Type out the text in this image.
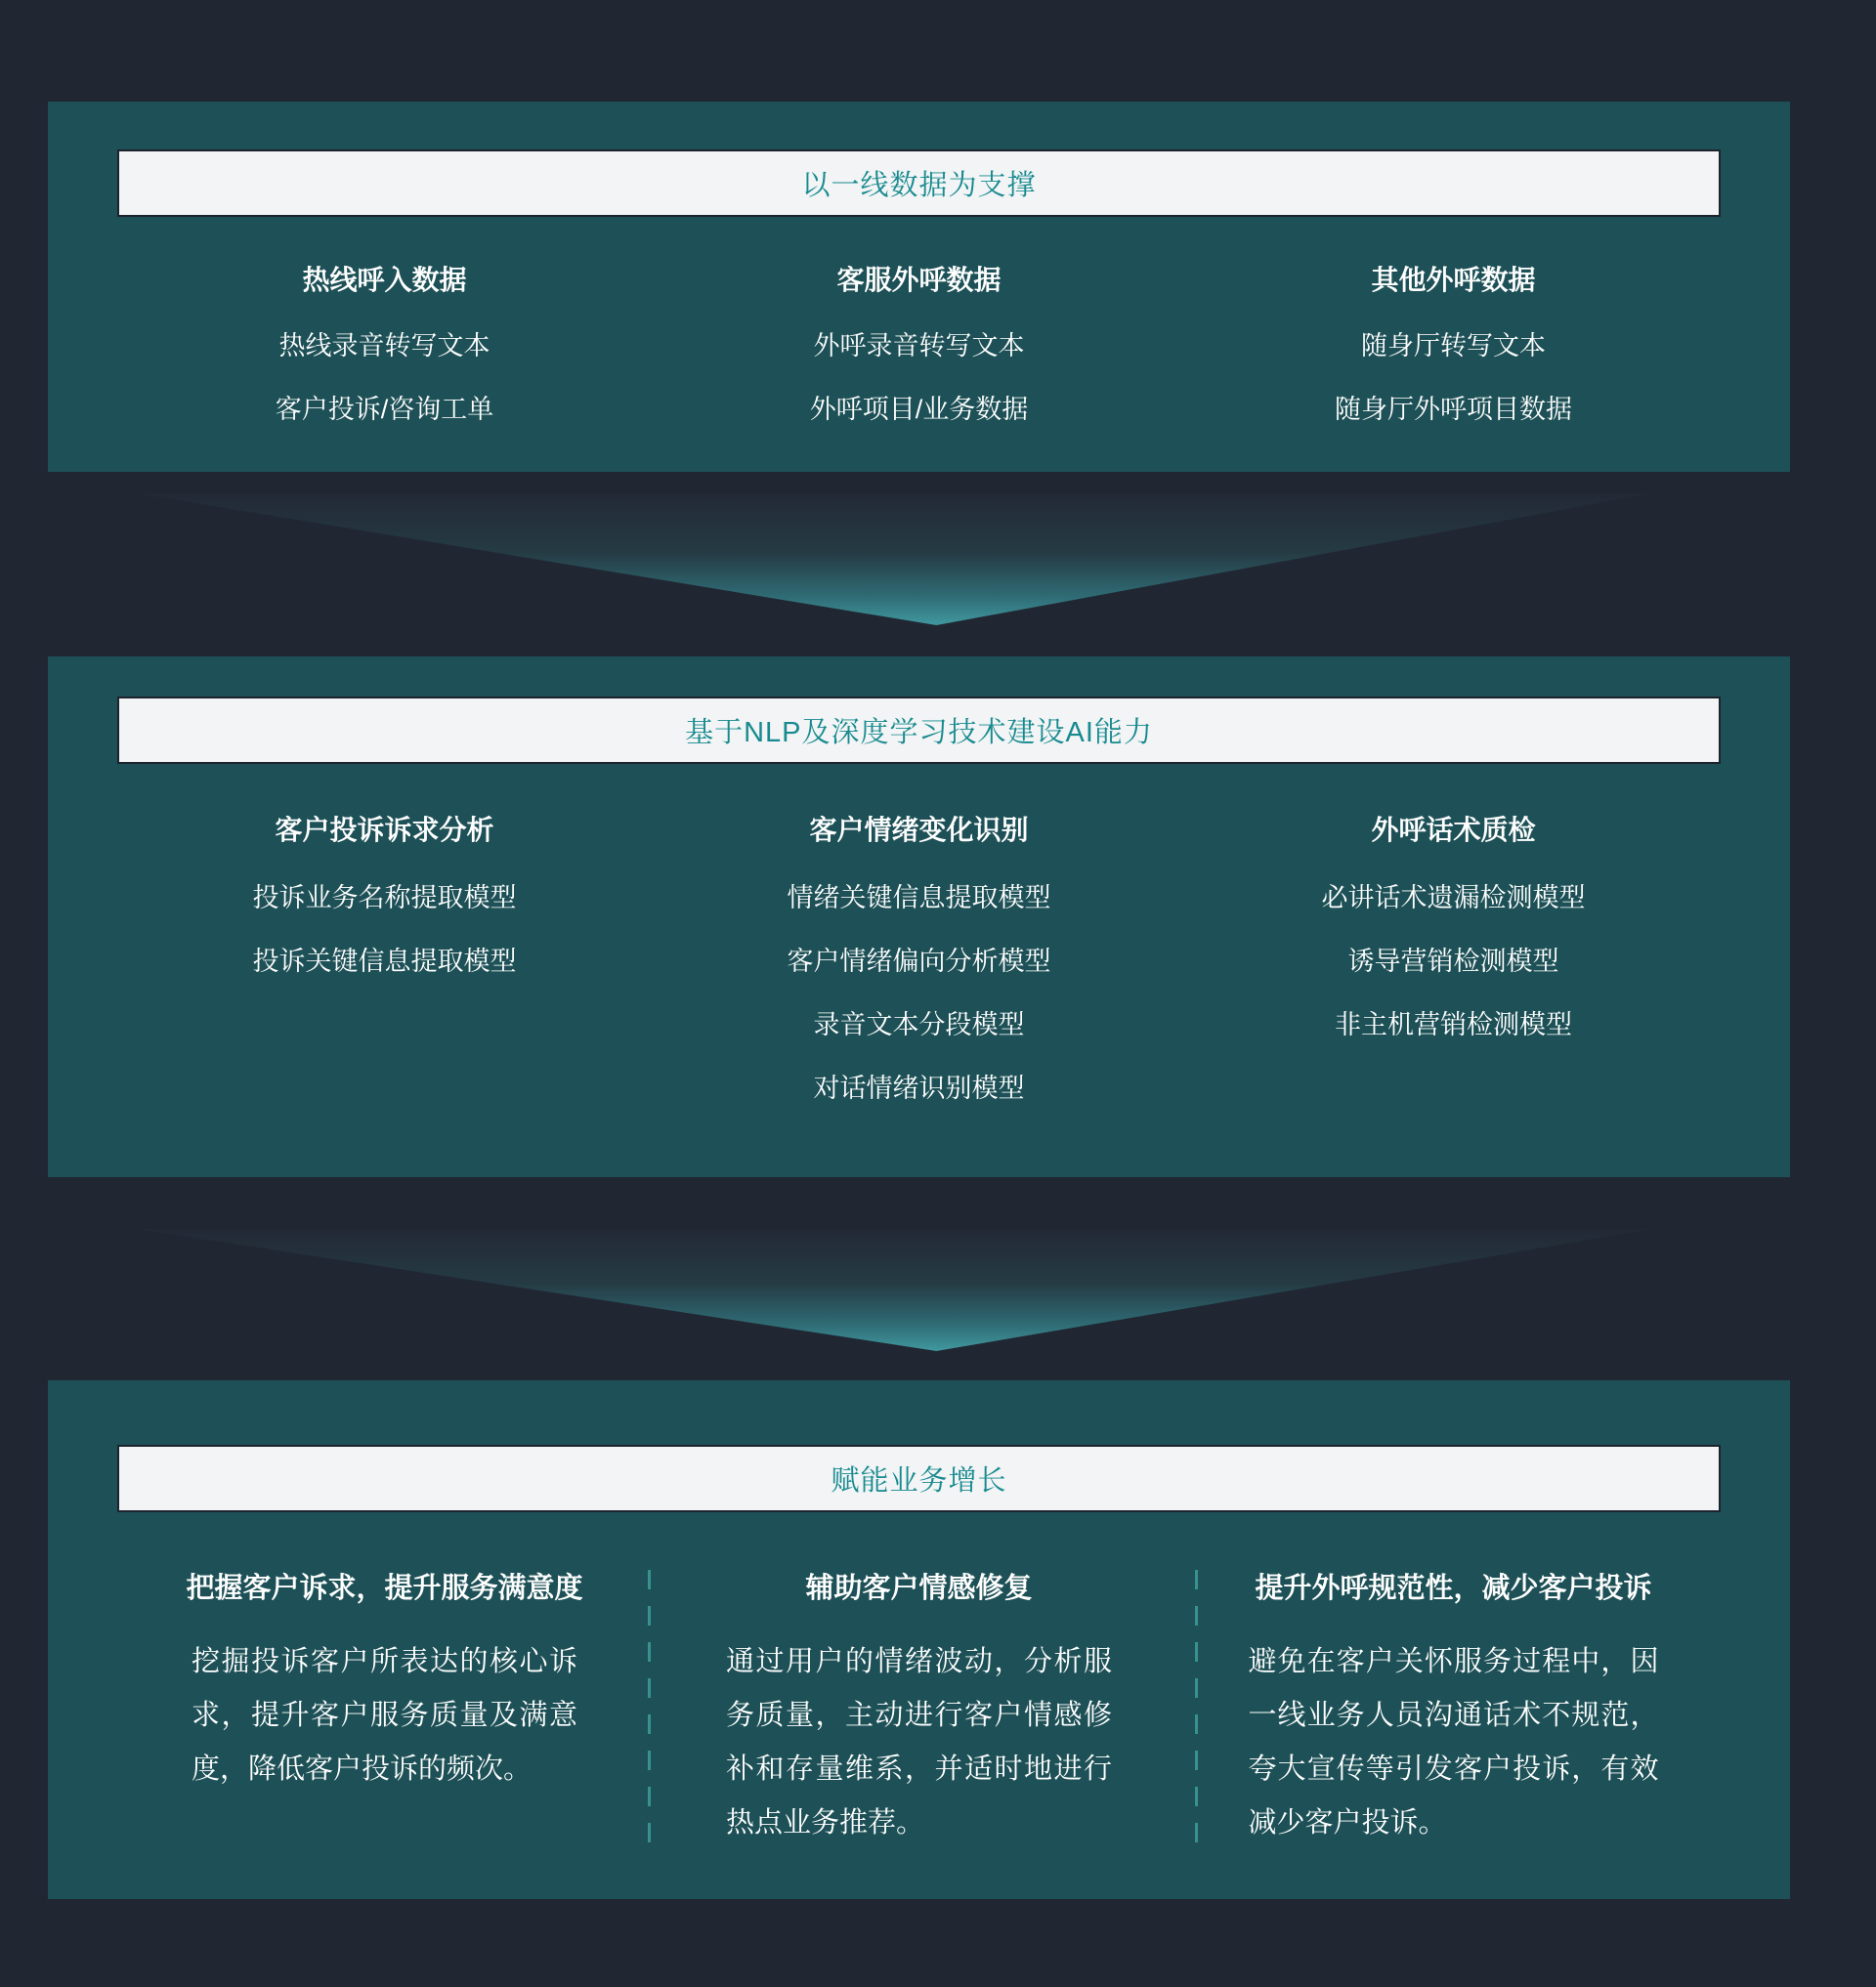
以一线数据为支撑
热线呼入数据
热线录音转写文本
客户投诉/咨询工单
客服外呼数据
外呼录音转写文本
外呼项目/业务数据
其他外呼数据
随身厅转写文本
随身厅外呼项目数据
基于NLP及深度学习技术建设AI能力
客户投诉诉求分析
投诉业务名称提取模型
投诉关键信息提取模型
客户情绪变化识别
情绪关键信息提取模型
客户情绪偏向分析模型
录音文本分段模型
对话情绪识别模型
外呼话术质检
必讲话术遗漏检测模型
诱导营销检测模型
非主机营销检测模型
赋能业务增长
把握客户诉求，提升服务满意度

挖掘投诉客户所表达的核心诉求，提升客户服务质量及满意度，降低客户投诉的频次。

辅助客户情感修复

通过用户的情绪波动，分析服务质量，主动进行客户情感修补和存量维系，并适时地进行热点业务推荐。

提升外呼规范性，减少客户投诉

避免在客户关怀服务过程中，因一线业务人员沟通话术不规范，夸大宣传等引发客户投诉，有效减少客户投诉。
